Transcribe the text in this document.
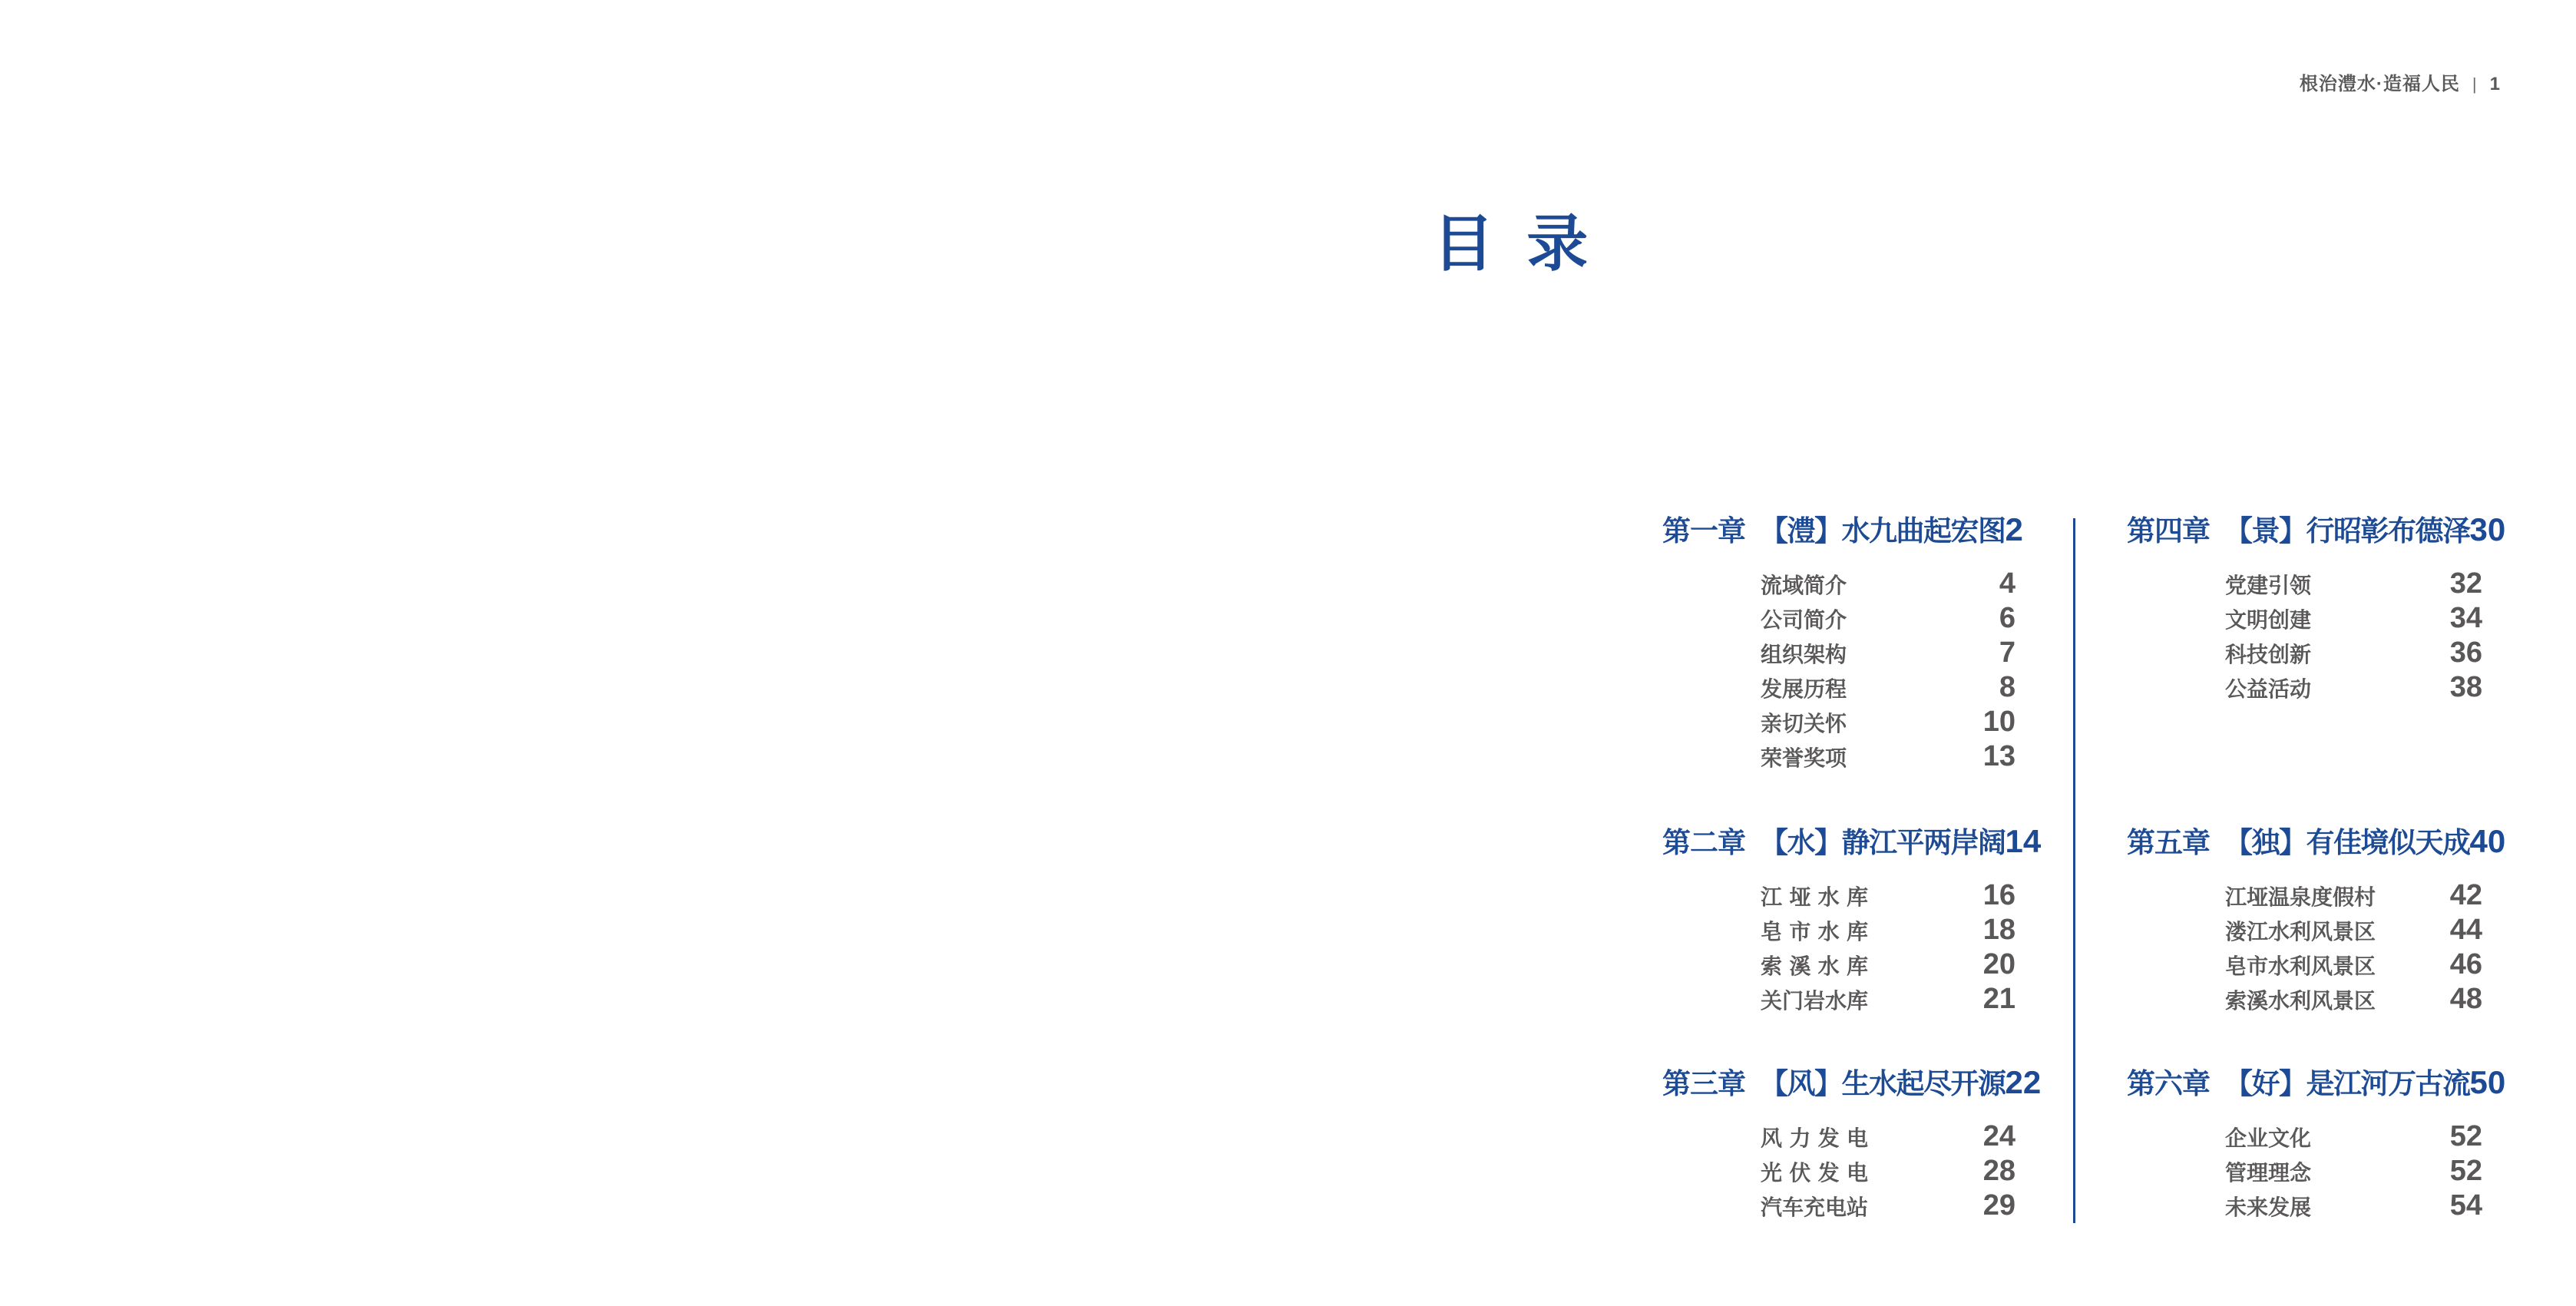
根治澧水·造福人民 | 1
目 录
第一章 【澧】水九曲起宏图 2
流域简介	4
公司简介	6
组织架构	7
发展历程	8
亲切关怀	10
荣誉奖项	13
第二章 【水】静江平两岸阔 14
江垭水库	16
皂市水库	18
索溪水库	20
关门岩水库	21
第三章 【风】生水起尽开源 22
风力发电	24
光伏发电	28
汽车充电站	29
第四章 【景】行昭彰布德泽 30
党建引领	32
文明创建	34
科技创新	36
公益活动	38
第五章 【独】有佳境似天成 40
江垭温泉度假村	42
溇江水利风景区	44
皂市水利风景区	46
索溪水利风景区	48
第六章 【好】是江河万古流 50
企业文化	52
管理理念	52
未来发展	54
